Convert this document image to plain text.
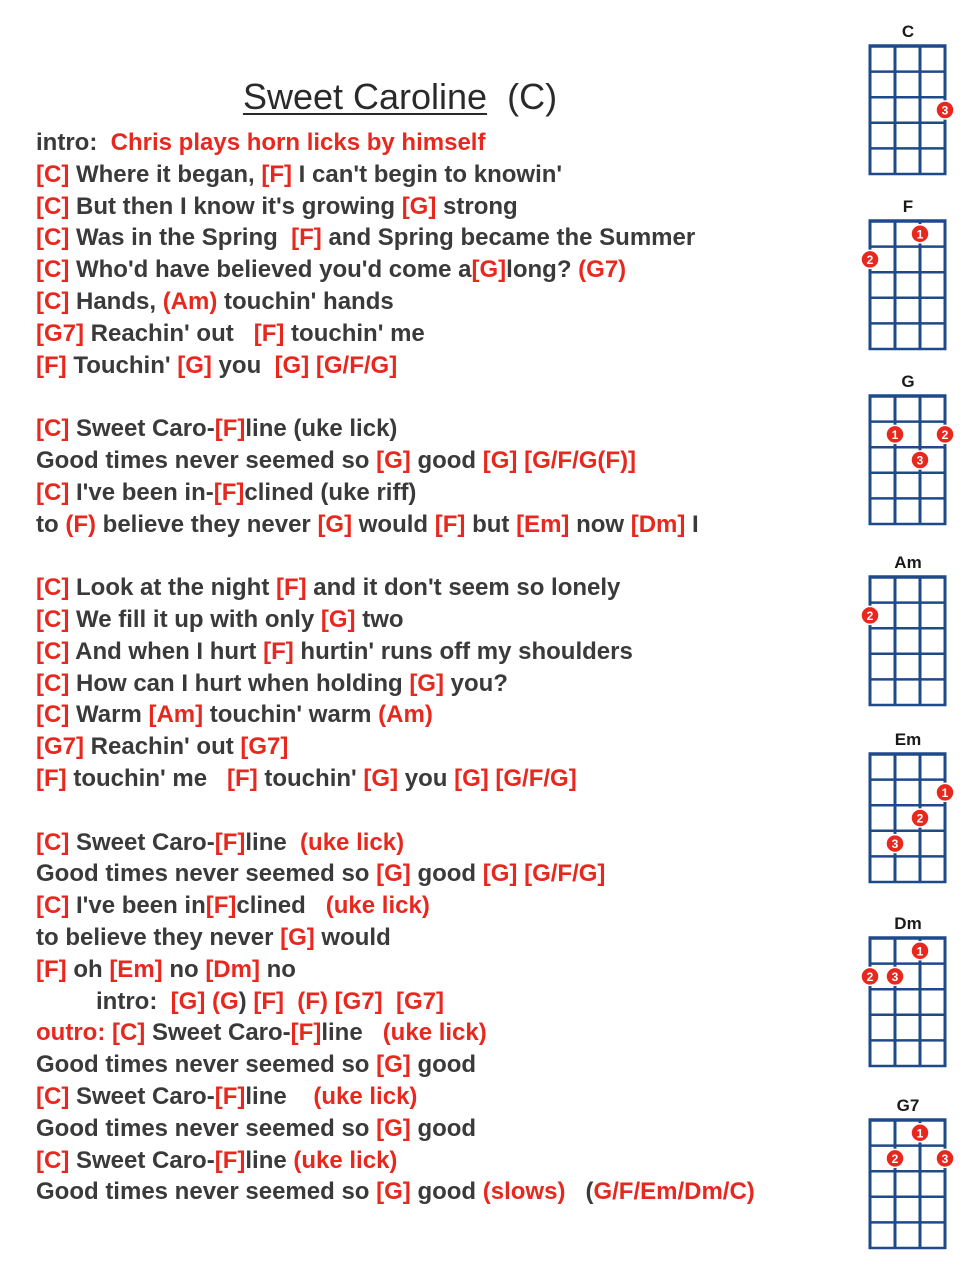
Sweet Caroline (C)
intro:  Chris plays horn licks by himself
[C] Where it began, [F] I can't begin to knowin'
[C] But then I know it's growing [G] strong
[C] Was in the Spring  [F] and Spring became the Summer
[C] Who'd have believed you'd come a[G]long? (G7)
[C] Hands, (Am) touchin' hands
[G7] Reachin' out   [F] touchin' me
[F] Touchin' [G] you  [G] [G/F/G]
[C] Sweet Caro-[F]line (uke lick)
Good times never seemed so [G] good [G] [G/F/G(F)]
[C] I've been in-[F]clined (uke riff)
to (F) believe they never [G] would [F] but [Em] now [Dm] I
[C] Look at the night [F] and it don't seem so lonely
[C] We fill it up with only [G] two
[C] And when I hurt [F] hurtin' runs off my shoulders
[C] How can I hurt when holding [G] you?
[C] Warm [Am] touchin' warm (Am)
[G7] Reachin' out [G7]
[F] touchin' me   [F] touchin' [G] you [G] [G/F/G]
[C] Sweet Caro-[F]line  (uke lick)
Good times never seemed so [G] good [G] [G/F/G]
[C] I've been in[F]clined   (uke lick)
to believe they never [G] would
[F] oh [Em] no [Dm] no
intro:  [G] (G) [F]  (F) [G7]  [G7]
outro: [C] Sweet Caro-[F]line   (uke lick)
Good times never seemed so [G] good
[C] Sweet Caro-[F]line    (uke lick)
Good times never seemed so [G] good
[C] Sweet Caro-[F]line (uke lick)
Good times never seemed so [G] good (slows)   (G/F/Em/Dm/C)
C
3
F
2
1
G
1
3
2
Am
2
Em
3
2
1
Dm
2 3
1
G7
2
1
3
